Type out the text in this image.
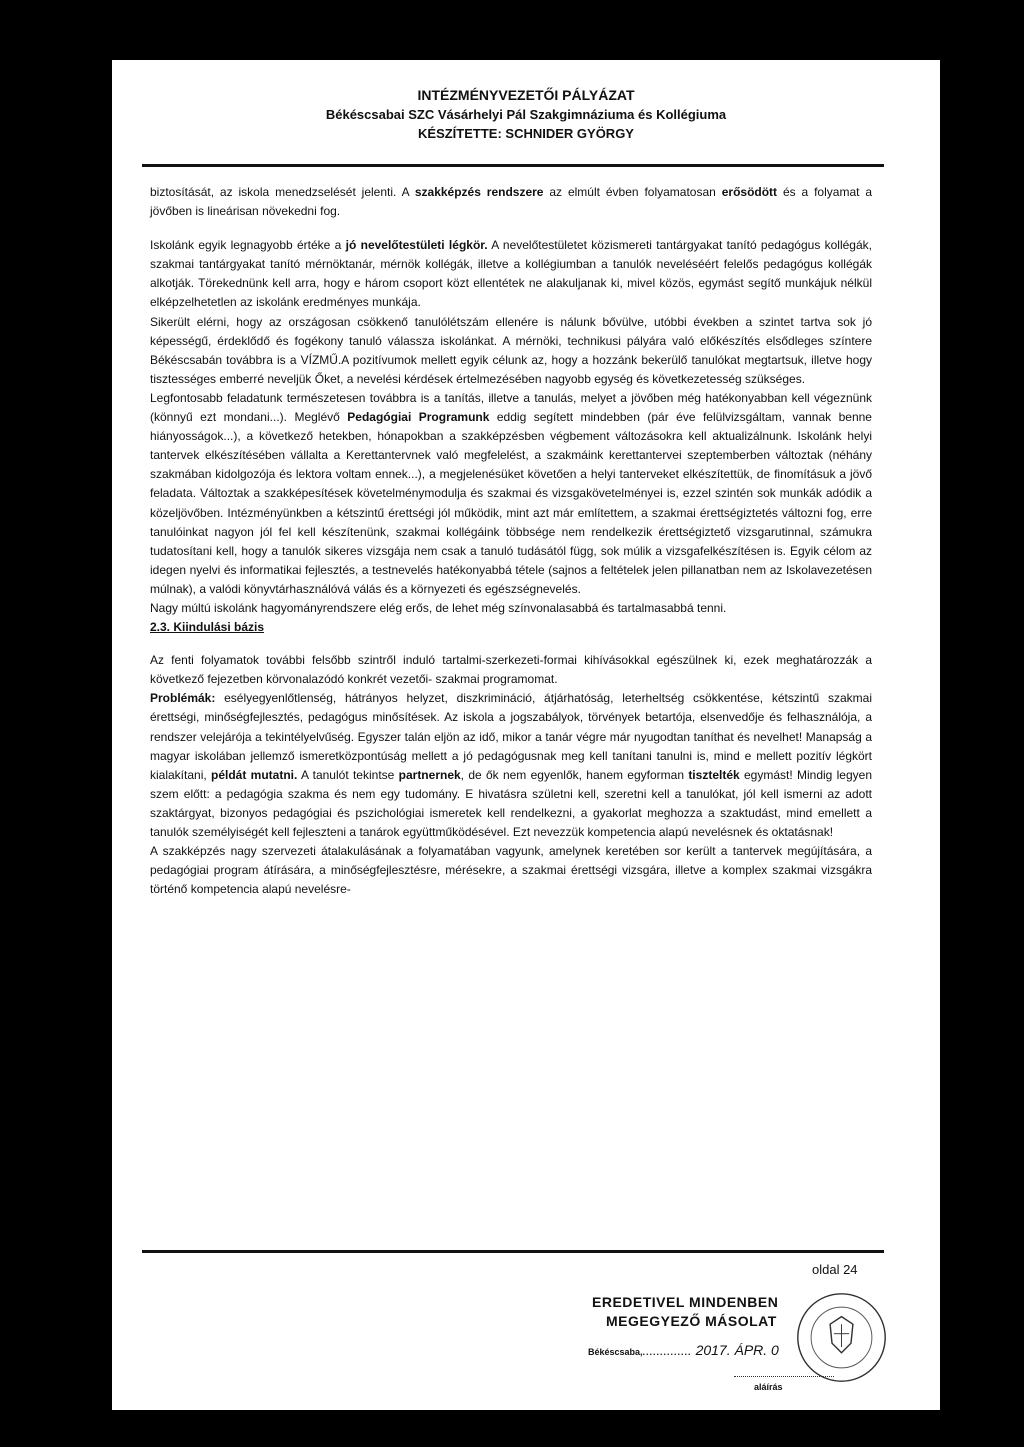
INTÉZMÉNYVEZETŐI PÁLYÁZAT
Békéscsabai SZC Vásárhelyi Pál Szakgimnáziuma és Kollégiuma
KÉSZÍTETTE: SCHNIDER GYÖRGY

biztosítását, az iskola menedzselését jelenti. A szakképzés rendszere az elmúlt évben folyamatosan erősödött és a folyamat a jövőben is lineárisan növekedni fog.

Iskolánk egyik legnagyobb értéke a jó nevelőtestületi légkör. A nevelőtestületet közismereti tantárgyakat tanító pedagógus kollégák, szakmai tantárgyakat tanító mérnöktanár, mérnök kollégák, illetve a kollégiumban a tanulók neveléséért felelős pedagógus kollégák alkotják. Törekednünk kell arra, hogy e három csoport közt ellentétek ne alakuljanak ki, mivel közös, egymást segítő munkájuk nélkül elképzelhetetlen az iskolánk eredményes munkája.

Sikerült elérni, hogy az országosan csökkenő tanulólétszám ellenére is nálunk bővülve, utóbbi években a szintet tartva sok jó képességű, érdeklődő és fogékony tanuló válassza iskolánkat. A mérnöki, technikusi pályára való előkészítés elsődleges színtere Békéscsabán továbbra is a VÍZMŰ.A pozitívumok mellett egyik célunk az, hogy a hozzánk bekerülő tanulókat megtartsuk, illetve hogy tisztességes emberré neveljük Őket, a nevelési kérdések értelmezésében nagyobb egység és következetesség szükséges.

Legfontosabb feladatunk természetesen továbbra is a tanítás, illetve a tanulás, melyet a jövőben még hatékonyabban kell végeznünk (könnyű ezt mondani...). Meglévő Pedagógiai Programunk eddig segített mindebben (pár éve felülvizsgáltam, vannak benne hiányosságok...), a következő hetekben, hónapokban a szakképzésben végbement változásokra kell aktualizálnunk. Iskolánk helyi tantervek elkészítésében vállalta a Kerettantervnek való megfelelést, a szakmáink kerettantervei szeptemberben változtak (néhány szakmában kidolgozója és lektora voltam ennek...), a megjelenésüket követően a helyi tanterveket elkészítettük, de finomításuk a jövő feladata. Változtak a szakképesítések követelménymodulja és szakmai és vizsgakövetelményei is, ezzel szintén sok munkák adódik a közeljövőben. Intézményünkben a kétszintű érettségi jól működik, mint azt már említettem, a szakmai érettségiztetés változni fog, erre tanulóinkat nagyon jól fel kell készítenünk, szakmai kollégáink többsége nem rendelkezik érettségiztető vizsgarutinnal, számukra tudatosítani kell, hogy a tanulók sikeres vizsgája nem csak a tanuló tudásától függ, sok múlik a vizsgafelkészítésen is. Egyik célom az idegen nyelvi és informatikai fejlesztés, a testnevelés hatékonyabbá tétele (sajnos a feltételek jelen pillanatban nem az Iskolavezetésen múlnak), a valódi könyvtárhasználóvá válás és a környezeti és egészségnevelés.

Nagy múltú iskolánk hagyományrendszere elég erős, de lehet még színvonalasabbá és tartalmasabbá tenni.

2.3. Kiindulási bázis

Az fenti folyamatok további felsőbb szintről induló tartalmi-szerkezeti-formai kihívásokkal egészülnek ki, ezek meghatározzák a következő fejezetben körvonalazódó konkrét vezetői- szakmai programomat.

Problémák: esélyegyenlőtlenség, hátrányos helyzet, diszkrimináció, átjárhatóság, leterheltség csökkentése, kétszintű szakmai érettségi, minőségfejlesztés, pedagógus minősítések. Az iskola a jogszabályok, törvények betartója, elsenvedője és felhasználója, a rendszer velejárója a tekintélyelvűség. Egyszer talán eljön az idő, mikor a tanár végre már nyugodtan taníthat és nevelhet! Manapság a magyar iskolában jellemző ismeretközpontúság mellett a jó pedagógusnak meg kell tanítani tanulni is, mind e mellett pozitív légkört kialakítani, példát mutatni. A tanulót tekintse partnernek, de ők nem egyenlők, hanem egyforman tisztelték egymást! Mindig legyen szem előtt: a pedagógia szakma és nem egy tudomány. E hivatásra születni kell, szeretni kell a tanulókat, jól kell ismerni az adott szaktárgyat, bizonyos pedagógiai és pszichológiai ismeretek kell rendelkezni, a gyakorlat meghozza a szaktudást, mind emellett a tanulók személyiségét kell fejleszteni a tanárok együttműködésével. Ezt nevezzük kompetencia alapú nevelésnek és oktatásnak!

A szakképzés nagy szervezeti átalakulásának a folyamatában vagyunk, amelynek keretében sor került a tantervek megújítására, a pedagógiai program átírására, a minőségfejlesztésre, mérésekre, a szakmai érettségi vizsgára, illetve a komplex szakmai vizsgákra történő kompetencia alapú nevelésre-

oldal 24
EREDETIVEL MINDENBEN
MEGEGYEZŐ MÁSOLAT
Békéscsaba,.............. 2017. ÁPR. 0
aláírás
